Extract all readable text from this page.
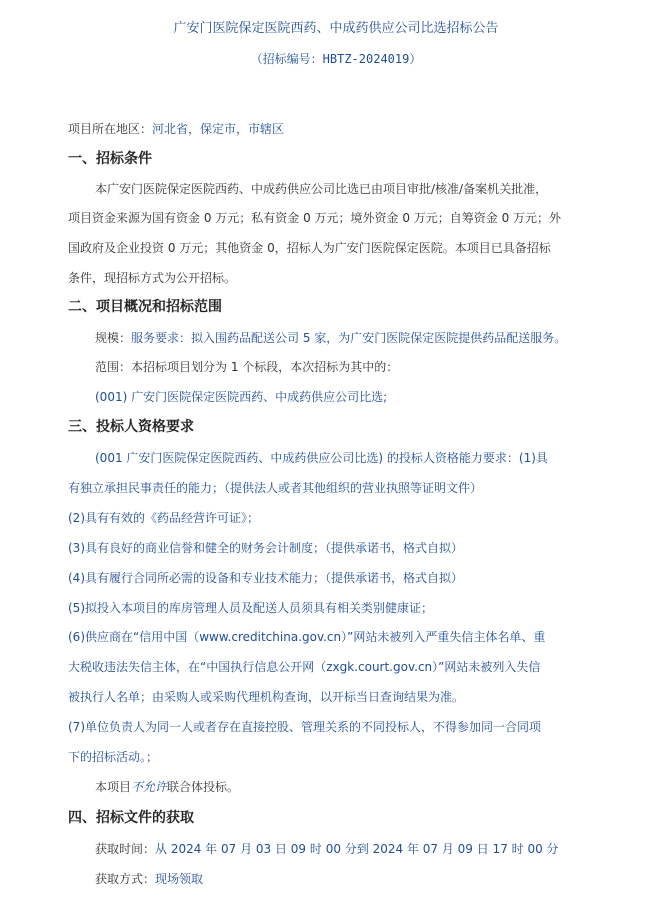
广安门医院保定医院西药、中成药供应公司比选招标公告
（招标编号：HBTZ-2024019）
项目所在地区：河北省，保定市，市辖区
一、招标条件
本广安门医院保定医院西药、中成药供应公司比选已由项目审批/核准/备案机关批准，
项目资金来源为国有资金 0 万元；私有资金 0 万元；境外资金 0 万元；自筹资金 0 万元；外
国政府及企业投资 0 万元；其他资金 0，招标人为广安门医院保定医院。本项目已具备招标
条件，现招标方式为公开招标。
二、项目概况和招标范围
规模：服务要求：拟入围药品配送公司 5 家，为广安门医院保定医院提供药品配送服务。
范围：本招标项目划分为 1 个标段，本次招标为其中的：
(001) 广安门医院保定医院西药、中成药供应公司比选;
三、投标人资格要求
(001 广安门医院保定医院西药、中成药供应公司比选) 的投标人资格能力要求：(1)具
有独立承担民事责任的能力；（提供法人或者其他组织的营业执照等证明文件）
(2)具有有效的《药品经营许可证》；
(3)具有良好的商业信誉和健全的财务会计制度；（提供承诺书，格式自拟）
(4)具有履行合同所必需的设备和专业技术能力；（提供承诺书，格式自拟）
(5)拟投入本项目的库房管理人员及配送人员须具有相关类别健康证；
(6)供应商在“信用中国（www.creditchina.gov.cn）”网站未被列入严重失信主体名单、重
大税收违法失信主体，在“中国执行信息公开网（zxgk.court.gov.cn）”网站未被列入失信
被执行人名单；由采购人或采购代理机构查询，以开标当日查询结果为准。
(7)单位负责人为同一人或者存在直接控股、管理关系的不同投标人，不得参加同一合同项
下的招标活动。；
本项目不允许联合体投标。
四、招标文件的获取
获取时间：从 2024 年 07 月 03 日 09 时 00 分到 2024 年 07 月 09 日 17 时 00 分
获取方式：现场领取
